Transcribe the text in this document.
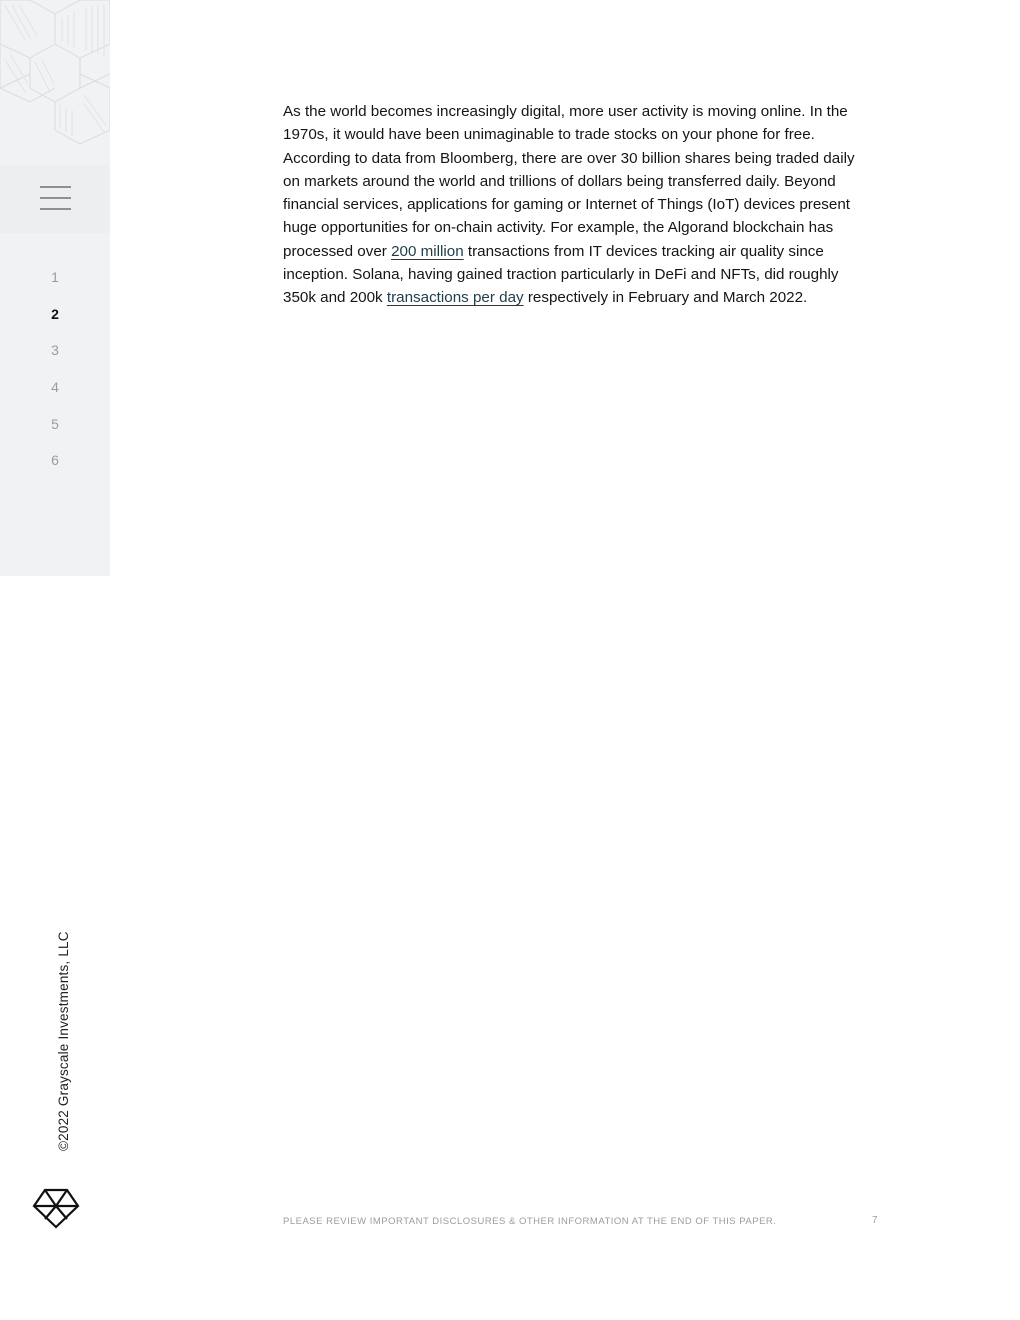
1
2
3
4
5
6
©2022 Grayscale Investments, LLC

As the world becomes increasingly digital, more user activity is moving online. In the 1970s, it would have been unimaginable to trade stocks on your phone for free. According to data from Bloomberg, there are over 30 billion shares being traded daily on markets around the world and trillions of dollars being transferred daily. Beyond financial services, applications for gaming or Internet of Things (IoT) devices present huge opportunities for on-chain activity. For example, the Algorand blockchain has processed over 200 million transactions from IT devices tracking air quality since inception. Solana, having gained traction particularly in DeFi and NFTs, did roughly 350k and 200k transactions per day respectively in February and March 2022.

PLEASE REVIEW IMPORTANT DISCLOSURES & OTHER INFORMATION AT THE END OF THIS PAPER.	7
